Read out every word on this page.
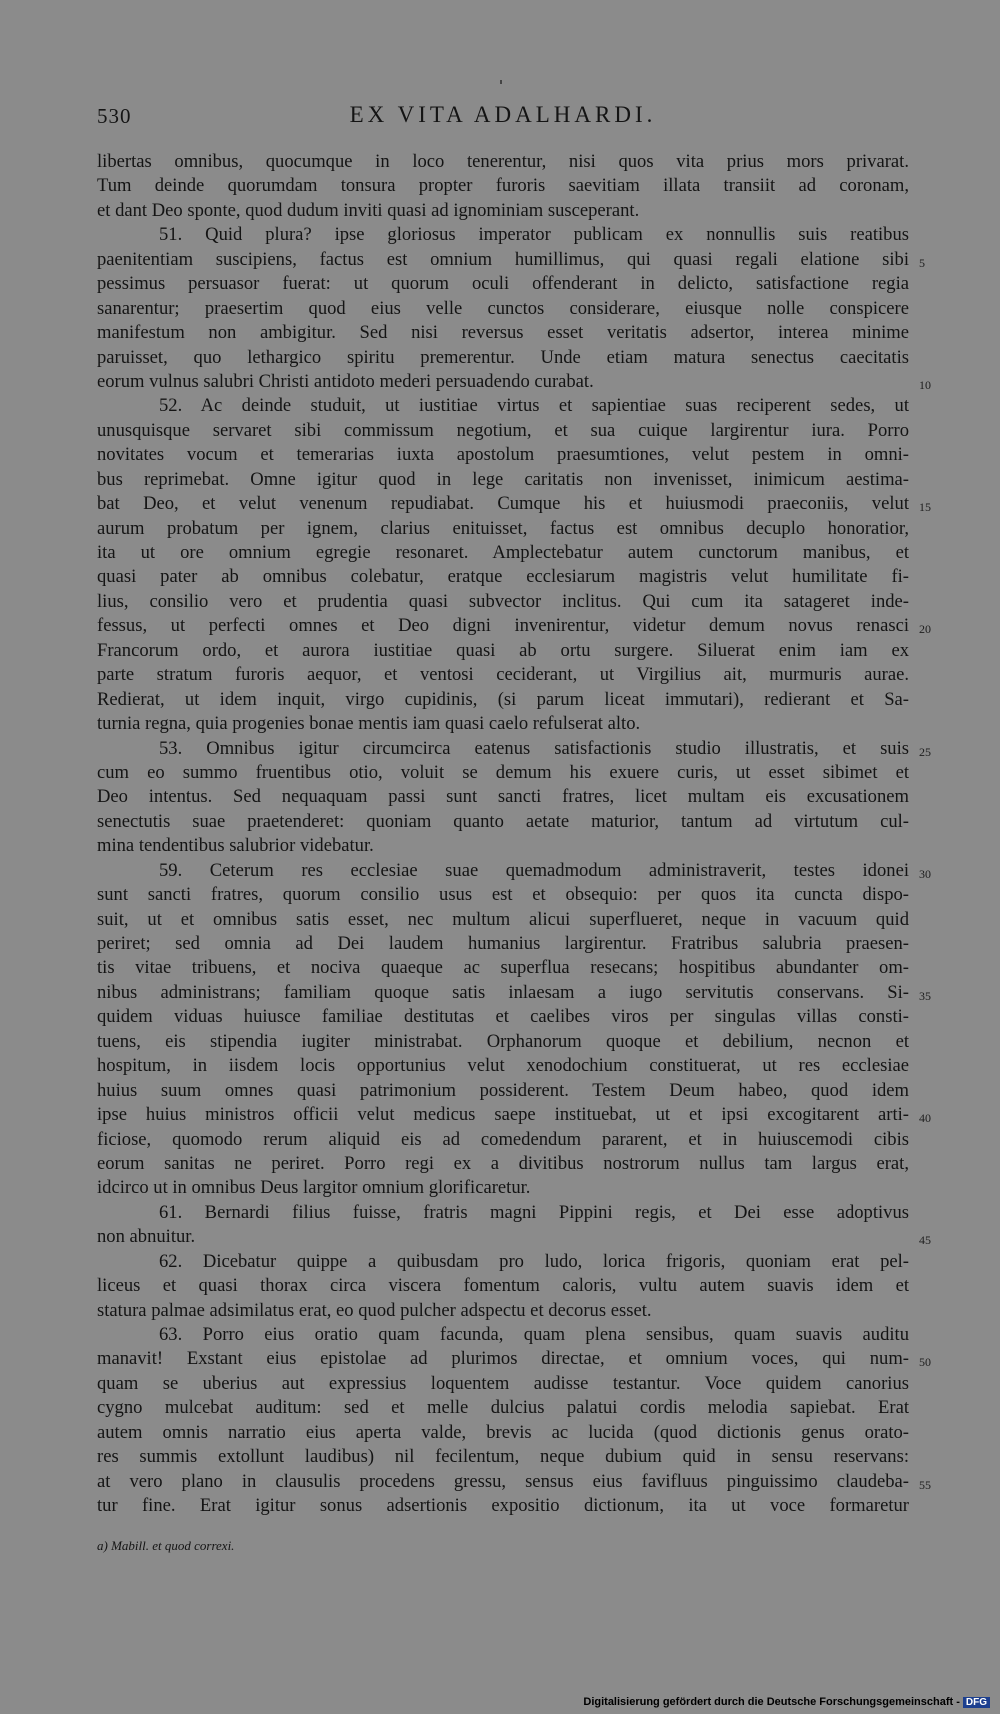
530	EX VITA ADALHARDI.
libertas omnibus, quocumque in loco tenerentur, nisi quos vita prius mors privarat.
Tum deinde quorumdam tonsura propter furoris saevitiam illata transiit ad coronam,
et dant Deo sponte, quod dudum inviti quasi ad ignominiam susceperant.
51. Quid plura? ipse gloriosus imperator publicam ex nonnullis suis reatibus
paenitentiam suscipiens, factus est omnium humillimus, qui quasi regali elatione sibi 5
pessimus persuasor fuerat: ut quorum oculi offenderant in delicto, satisfactione regia
sanarentur; praesertim quod eius velle cunctos considerare, eiusque nolle conspicere
manifestum non ambigitur. Sed nisi reversus esset veritatis adsertor, interea minime
paruisset, quo lethargico spiritu premerentur. Unde etiam matura senectus caecitatis
eorum vulnus salubri Christi antidoto mederi persuadendo curabat.	10
52. Ac deinde studuit, ut iustitiae virtus et sapientiae suas reciperent sedes, ut
unusquisque servaret sibi commissum negotium, et sua cuique largirentur iura. Porro
novitates vocum et temerarias iuxta apostolum praesumtiones, velut pestem in omni-
bus reprimebat. Omne igitur quod in lege caritatis non invenisset, inimicum aestima-
bat Deo, et velut venenum repudiabat. Cumque his et huiusmodi praeconiis, velut 15
aurum probatum per ignem, clarius enituisset, factus est omnibus decuplo honoratior,
ita ut ore omnium egregie resonaret. Amplectebatur autem cunctorum manibus, et
quasi pater ab omnibus colebatur, eratque ecclesiarum magistris velut humilitate fi-
lius, consilio vero et prudentia quasi subvector inclitus. Qui cum ita satageret inde-
fessus, ut perfecti omnes et Deo digni invenirentur, videtur demum novus renasci 20
Francorum ordo, et aurora iustitiae quasi ab ortu surgere. Siluerat enim iam ex
parte stratum furoris aequor, et ventosi ceciderant, ut Virgilius ait, murmuris aurae.
Redierat, ut idem inquit, virgo cupidinis, (si parum liceat immutari), redierant et Sa-
turnia regna, quia progenies bonae mentis iam quasi caelo refulserat alto.
53. Omnibus igitur circumcirca eatenus satisfactionis studio illustratis, et suis 25
cum eo summo fruentibus otio, voluit se demum his exuere curis, ut esset sibimet et
Deo intentus. Sed nequaquam passi sunt sancti fratres, licet multam eis excusationem
senectutis suae praetenderet: quoniam quanto aetate maturior, tantum ad virtutum cul-
mina tendentibus salubrior videbatur.
59. Ceterum res ecclesiae suae quemadmodum administraverit, testes idonei 30
sunt sancti fratres, quorum consilio usus est et obsequio: per quos ita cuncta dispo-
suit, ut et omnibus satis esset, nec multum alicui superflueret, neque in vacuum quid
periret; sed omnia ad Dei laudem humanius largirentur. Fratribus salubria praesen-
tis vitae tribuens, et nociva quaeque ac superflua resecans; hospitibus abundanter om-
nibus administrans; familiam quoque satis inlaesam a iugo servitutis conservans. Si- 35
quidem viduas huiusce familiae destitutas et caelibes viros per singulas villas consti-
tuens, eis stipendia iugiter ministrabat. Orphanorum quoque et debilium, necnon et
hospitum, in iisdem locis opportunius velut xenodochium constituerat, ut res ecclesiae
huius suum omnes quasi patrimonium possiderent. Testem Deum habeo, quod idem
ipse huius ministros officii velut medicus saepe instituebat, ut et ipsi excogitarent arti- 40
ficiose, quomodo rerum aliquid eis ad comedendum pararent, et in huiuscemodi cibis
eorum sanitas ne periret. Porro regi ex a divitibus nostrorum nullus tam largus erat,
idcirco ut in omnibus Deus largitor omnium glorificaretur.
61. Bernardi filius fuisse, fratris magni Pippini regis, et Dei esse adoptivus
non abnuitur.	45
62. Dicebatur quippe a quibusdam pro ludo, lorica frigoris, quoniam erat pel-
liceus et quasi thorax circa viscera fomentum caloris, vultu autem suavis idem et
statura palmae adsimilatus erat, eo quod pulcher adspectu et decorus esset.
63. Porro eius oratio quam facunda, quam plena sensibus, quam suavis auditu
manavit! Exstant eius epistolae ad plurimos directae, et omnium voces, qui num- 50
quam se uberius aut expressius loquentem audisse testantur. Voce quidem canorius
cygno mulcebat auditum: sed et melle dulcius palatui cordis melodia sapiebat. Erat
autem omnis narratio eius aperta valde, brevis ac lucida (quod dictionis genus orato-
res summis extollunt laudibus) nil fecilentum, neque dubium quid in sensu reservans:
at vero plano in clausulis procedens gressu, sensus eius favifluus pinguissimo claudeba- 55
tur fine. Erat igitur sonus adsertionis expositio dictionum, ita ut voce formaretur
a) Mabill. et quod correxi.
Digitalisierung gefördert durch die Deutsche Forschungsgemeinschaft - DFG
